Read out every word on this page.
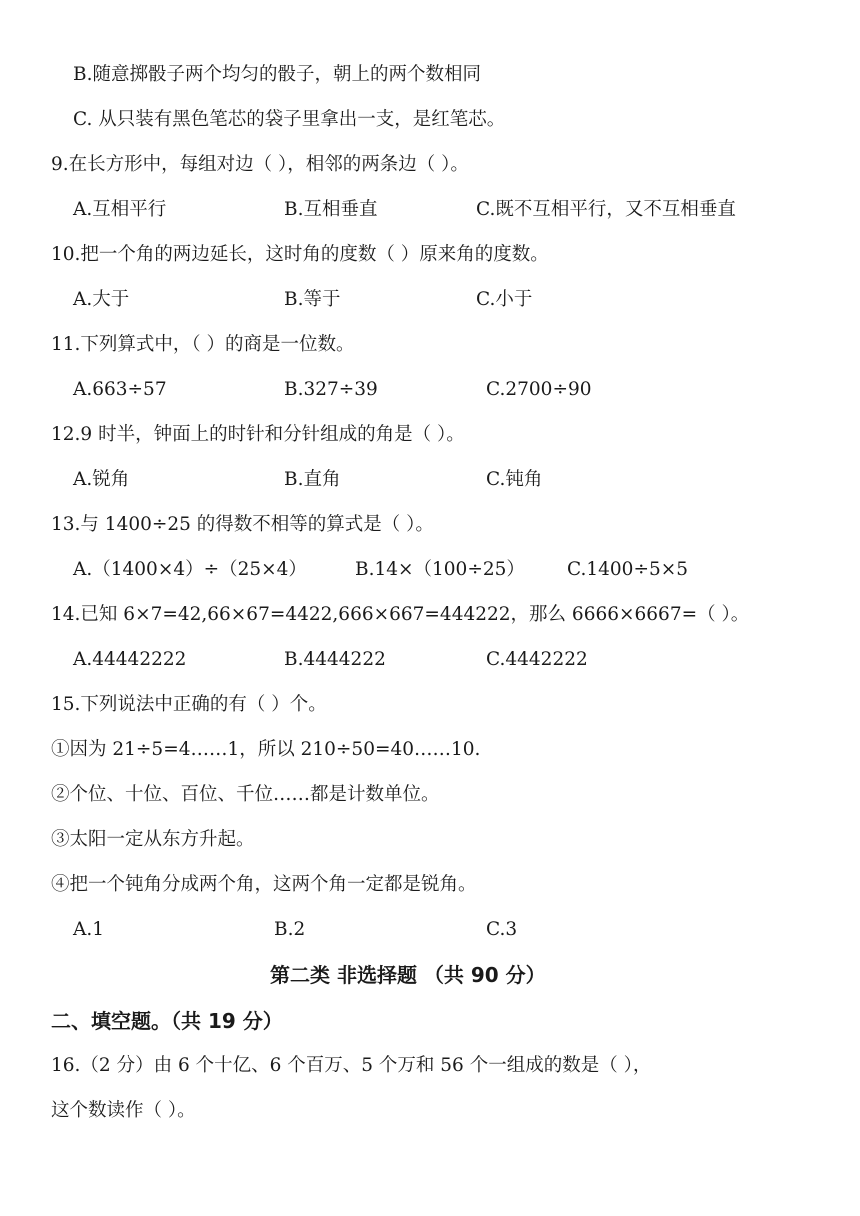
B.随意掷骰子两个均匀的骰子，朝上的两个数相同
C. 从只装有黑色笔芯的袋子里拿出一支，是红笔芯。
9.在长方形中，每组对边（ ），相邻的两条边（ ）。
A.互相平行	B.互相垂直	C.既不互相平行，又不互相垂直
10.把一个角的两边延长，这时角的度数（ ）原来角的度数。
A.大于	B.等于	C.小于
11.下列算式中，（ ）的商是一位数。
A.663÷57	B.327÷39	C.2700÷90
12.9 时半，钟面上的时针和分针组成的角是（ ）。
A.锐角	B.直角	C.钝角
13.与 1400÷25 的得数不相等的算式是（ ）。
A.（1400×4）÷（25×4）	B.14×（100÷25） C.1400÷5×5
14.已知 6×7=42,66×67=4422,666×667=444222，那么 6666×6667=（ ）。
A.44442222	B.4444222	C.4442222
15.下列说法中正确的有（ ）个。
①因为 21÷5=4……1，所以 210÷50=40……10.
②个位、十位、百位、千位……都是计数单位。
③太阳一定从东方升起。
④把一个钝角分成两个角，这两个角一定都是锐角。
A.1	B.2	C.3
第二类 非选择题 （共 90 分）
二、填空题。（共 19 分）
16.（2 分）由 6 个十亿、6 个百万、5 个万和 56 个一组成的数是（ ），
这个数读作（ ）。
